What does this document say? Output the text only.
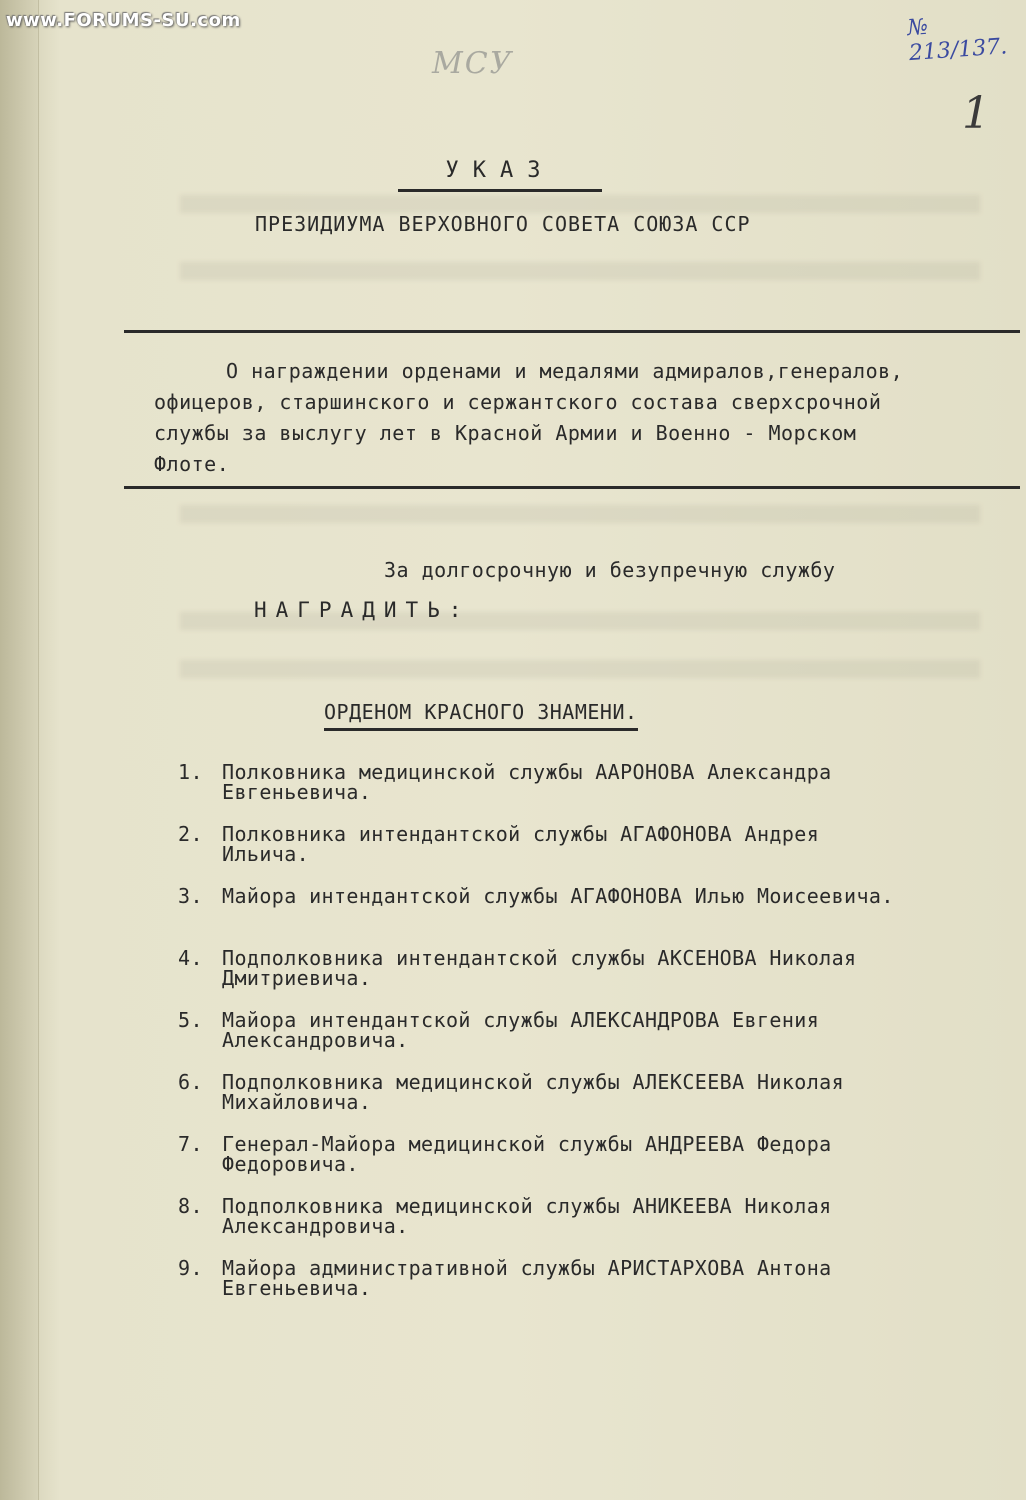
www.FORUMS-SU.com	№ 213/137.
МСУ
1
УКАЗ
ПРЕЗИДИУМА ВЕРХОВНОГО СОВЕТА СОЮЗА ССР
О награждении орденами и медалями адмиралов,генералов,
офицеров, старшинского и сержантского состава сверхсрочной
службы за выслугу лет в Красной Армии и Военно - Морском
Флоте.
За долгосрочную и безупречную службу
НАГРАДИТЬ:
ОРДЕНОМ КРАСНОГО ЗНАМЕНИ.
1. Полковника медицинской службы ААРОНОВА Александра
Евгеньевича.
2. Полковника интендантской службы АГАФОНОВА Андрея
Ильича.
3. Майора интендантской службы АГАФОНОВА Илью Моисеевича.
4. Подполковника интендантской службы АКСЕНОВА Николая
Дмитриевича.
5. Майора интендантской службы АЛЕКСАНДРОВА Евгения
Александровича.
6. Подполковника медицинской службы АЛЕКСЕЕВА Николая
Михайловича.
7. Генерал-Майора медицинской службы АНДРЕЕВА Федора
Федоровича.
8. Подполковника медицинской службы АНИКЕЕВА Николая
Александровича.
9. Майора административной службы АРИСТАРХОВА Антона
Евгеньевича.
